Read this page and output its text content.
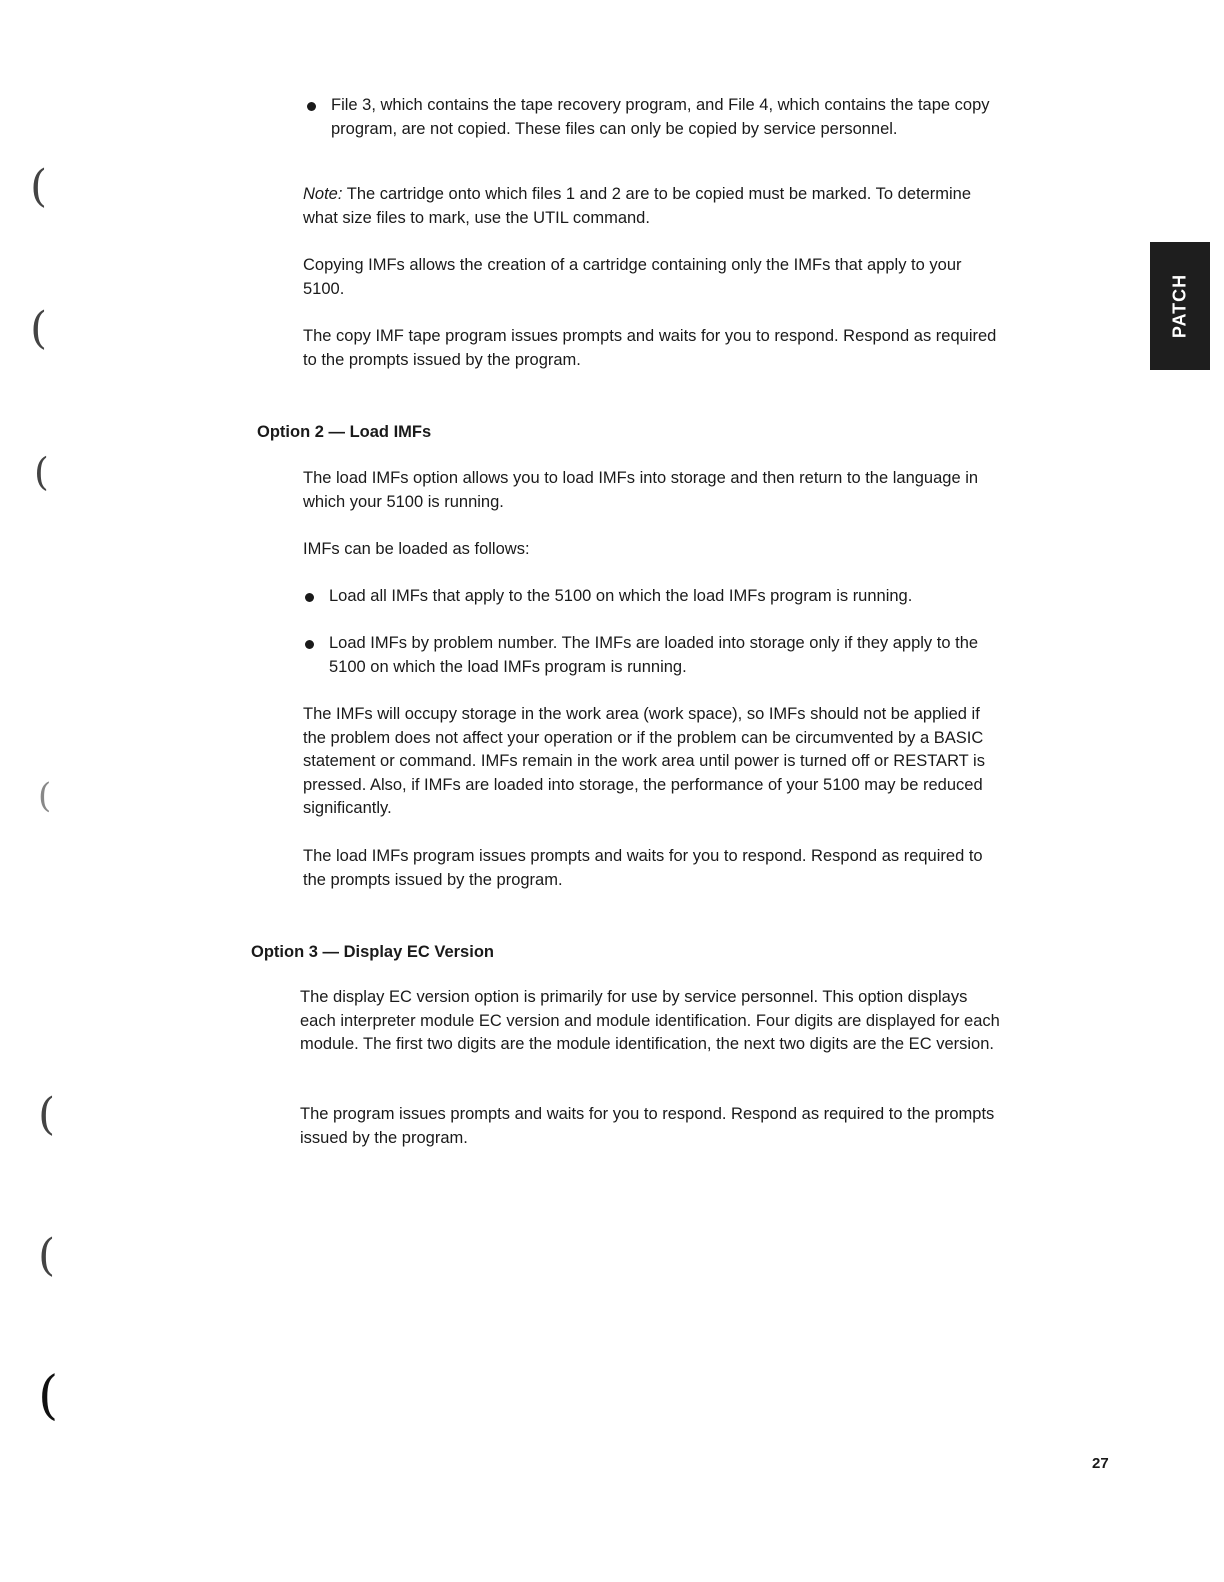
(
(
(
(
(
(
(
PATCH
File 3, which contains the tape recovery program, and File 4, which contains the tape copy program, are not copied. These files can only be copied by service personnel.

Note: The cartridge onto which files 1 and 2 are to be copied must be marked. To determine what size files to mark, use the UTIL command.

Copying IMFs allows the creation of a cartridge containing only the IMFs that apply to your 5100.

The copy IMF tape program issues prompts and waits for you to respond. Respond as required to the prompts issued by the program.

Option 2 — Load IMFs

The load IMFs option allows you to load IMFs into storage and then return to the language in which your 5100 is running.

IMFs can be loaded as follows:

Load all IMFs that apply to the 5100 on which the load IMFs program is running.
Load IMFs by problem number. The IMFs are loaded into storage only if they apply to the 5100 on which the load IMFs program is running.

The IMFs will occupy storage in the work area (work space), so IMFs should not be applied if the problem does not affect your operation or if the problem can be circumvented by a BASIC statement or command. IMFs remain in the work area until power is turned off or RESTART is pressed. Also, if IMFs are loaded into storage, the performance of your 5100 may be reduced significantly.

The load IMFs program issues prompts and waits for you to respond. Respond as required to the prompts issued by the program.

Option 3 — Display EC Version

The display EC version option is primarily for use by service personnel. This option displays each interpreter module EC version and module identification. Four digits are displayed for each module. The first two digits are the module identification, the next two digits are the EC version.

The program issues prompts and waits for you to respond. Respond as required to the prompts issued by the program.

27
